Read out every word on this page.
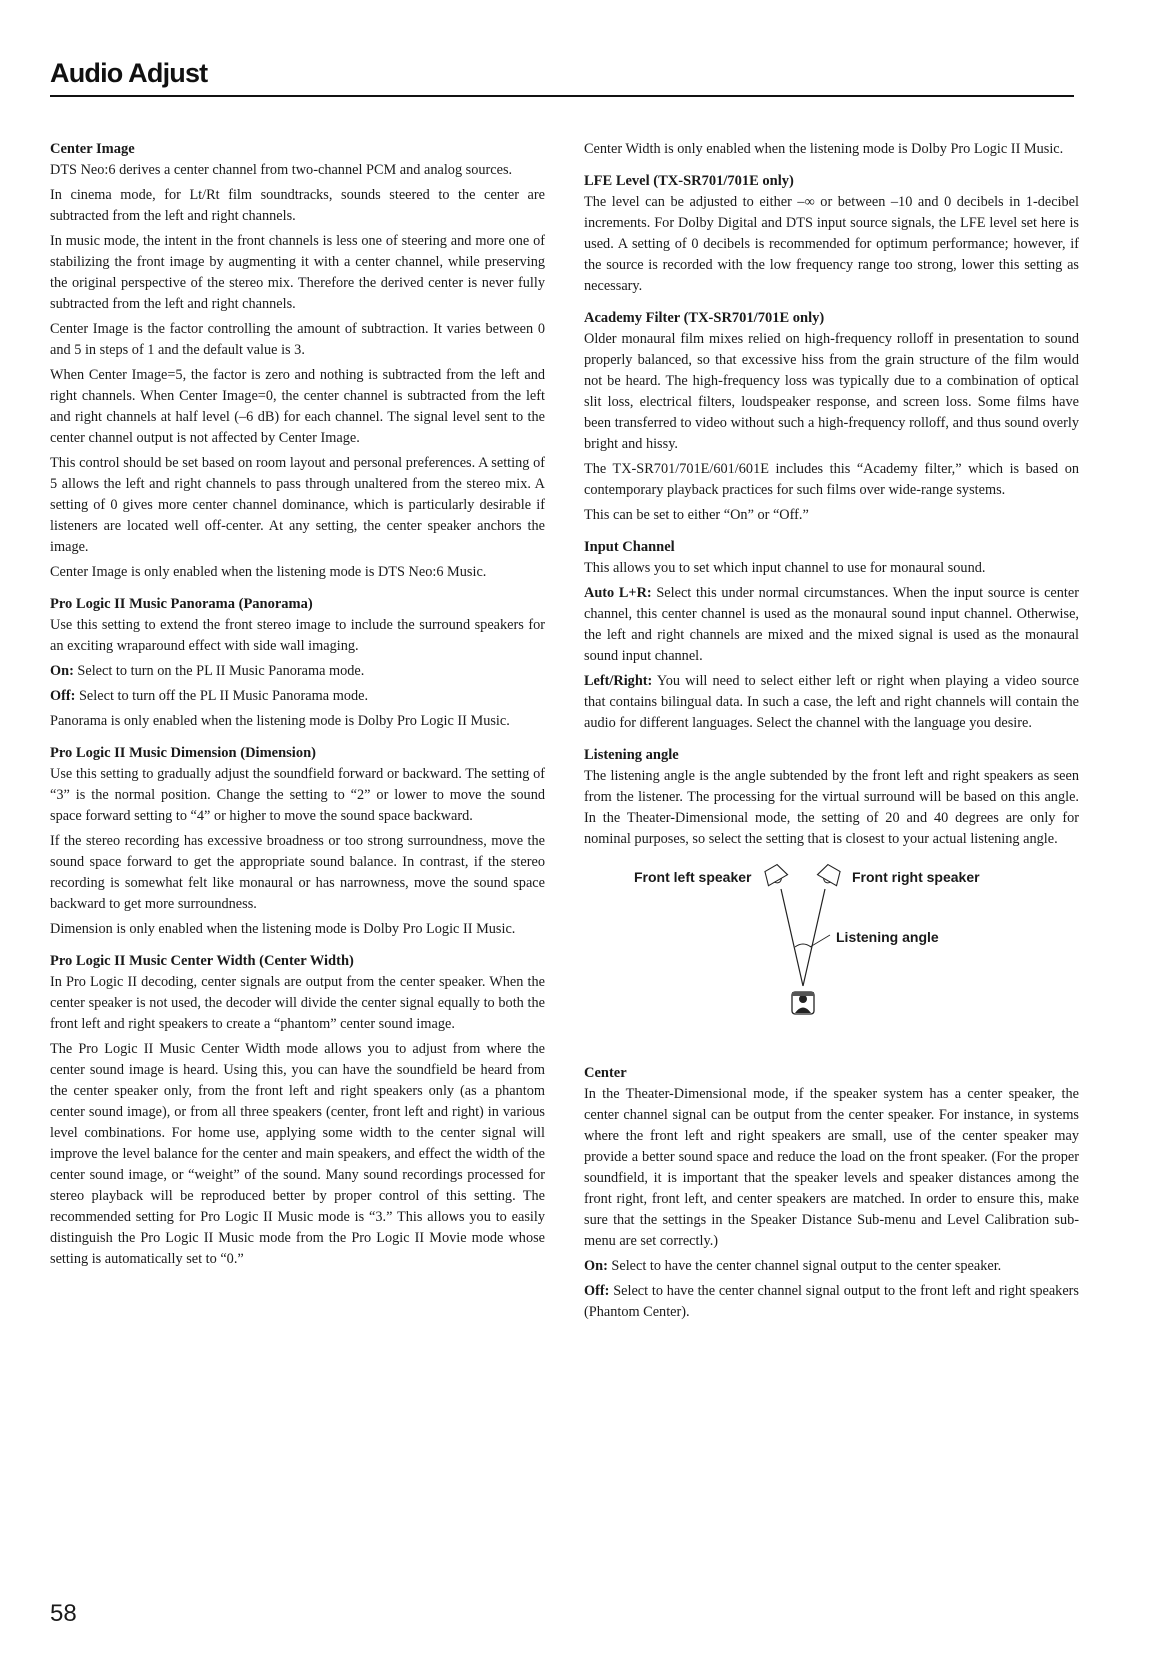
Audio Adjust
Center Image

DTS Neo:6 derives a center channel from two-channel PCM and analog sources.

In cinema mode, for Lt/Rt film soundtracks, sounds steered to the center are subtracted from the left and right channels.

In music mode, the intent in the front channels is less one of steering and more one of stabilizing the front image by augmenting it with a center channel, while preserving the original perspective of the stereo mix. Therefore the derived center is never fully subtracted from the left and right channels.

Center Image is the factor controlling the amount of subtraction. It varies between 0 and 5 in steps of 1 and the default value is 3.

When Center Image=5, the factor is zero and nothing is subtracted from the left and right channels. When Center Image=0, the center channel is subtracted from the left and right channels at half level (–6 dB) for each channel. The signal level sent to the center channel output is not affected by Center Image.

This control should be set based on room layout and personal preferences. A setting of 5 allows the left and right channels to pass through unaltered from the stereo mix. A setting of 0 gives more center channel dominance, which is particularly desirable if listeners are located well off-center. At any setting, the center speaker anchors the image.

Center Image is only enabled when the listening mode is DTS Neo:6 Music.

Pro Logic II Music Panorama (Panorama)

Use this setting to extend the front stereo image to include the surround speakers for an exciting wraparound effect with side wall imaging.

On: Select to turn on the PL II Music Panorama mode.

Off: Select to turn off the PL II Music Panorama mode.

Panorama is only enabled when the listening mode is Dolby Pro Logic II Music.

Pro Logic II Music Dimension (Dimension)

Use this setting to gradually adjust the soundfield forward or backward. The setting of “3” is the normal position. Change the setting to “2” or lower to move the sound space forward setting to “4” or higher to move the sound space backward.

If the stereo recording has excessive broadness or too strong surroundness, move the sound space forward to get the appropriate sound balance. In contrast, if the stereo recording is somewhat felt like monaural or has narrowness, move the sound space backward to get more surroundness.

Dimension is only enabled when the listening mode is Dolby Pro Logic II Music.

Pro Logic II Music Center Width (Center Width)

In Pro Logic II decoding, center signals are output from the center speaker. When the center speaker is not used, the decoder will divide the center signal equally to both the front left and right speakers to create a “phantom” center sound image.

The Pro Logic II Music Center Width mode allows you to adjust from where the center sound image is heard. Using this, you can have the soundfield be heard from the center speaker only, from the front left and right speakers only (as a phantom center sound image), or from all three speakers (center, front left and right) in various level combinations. For home use, applying some width to the center signal will improve the level balance for the center and main speakers, and effect the width of the center sound image, or “weight” of the sound. Many sound recordings processed for stereo playback will be reproduced better by proper control of this setting. The recommended setting for Pro Logic II Music mode is “3.” This allows you to easily distinguish the Pro Logic II Music mode from the Pro Logic II Movie mode whose setting is automatically set to “0.”

Center Width is only enabled when the listening mode is Dolby Pro Logic II Music.

LFE Level (TX-SR701/701E only)

The level can be adjusted to either –∞ or between –10 and 0 decibels in 1-decibel increments. For Dolby Digital and DTS input source signals, the LFE level set here is used. A setting of 0 decibels is recommended for optimum performance; however, if the source is recorded with the low frequency range too strong, lower this setting as necessary.

Academy Filter (TX-SR701/701E only)

Older monaural film mixes relied on high-frequency rolloff in presentation to sound properly balanced, so that excessive hiss from the grain structure of the film would not be heard. The high-frequency loss was typically due to a combination of optical slit loss, electrical filters, loudspeaker response, and screen loss. Some films have been transferred to video without such a high-frequency rolloff, and thus sound overly bright and hissy.

The TX-SR701/701E/601/601E includes this “Academy filter,” which is based on contemporary playback practices for such films over wide-range systems.

This can be set to either “On” or “Off.”

Input Channel

This allows you to set which input channel to use for monaural sound.

Auto L+R: Select this under normal circumstances. When the input source is center channel, this center channel is used as the monaural sound input channel. Otherwise, the left and right channels are mixed and the mixed signal is used as the monaural sound input channel.

Left/Right: You will need to select either left or right when playing a video source that contains bilingual data. In such a case, the left and right channels will contain the audio for different languages. Select the channel with the language you desire.

Listening angle

The listening angle is the angle subtended by the front left and right speakers as seen from the listener. The processing for the virtual surround will be based on this angle. In the Theater-Dimensional mode, the setting of 20 and 40 degrees are only for nominal purposes, so select the setting that is closest to your actual listening angle.

Front left speaker	Front right speaker
Listening angle
Center

In the Theater-Dimensional mode, if the speaker system has a center speaker, the center channel signal can be output from the center speaker. For instance, in systems where the front left and right speakers are small, use of the center speaker may provide a better sound space and reduce the load on the front speaker. (For the proper soundfield, it is important that the speaker levels and speaker distances among the front right, front left, and center speakers are matched. In order to ensure this, make sure that the settings in the Speaker Distance Sub-menu and Level Calibration sub-menu are set correctly.)

On: Select to have the center channel signal output to the center speaker.

Off: Select to have the center channel signal output to the front left and right speakers (Phantom Center).

58
